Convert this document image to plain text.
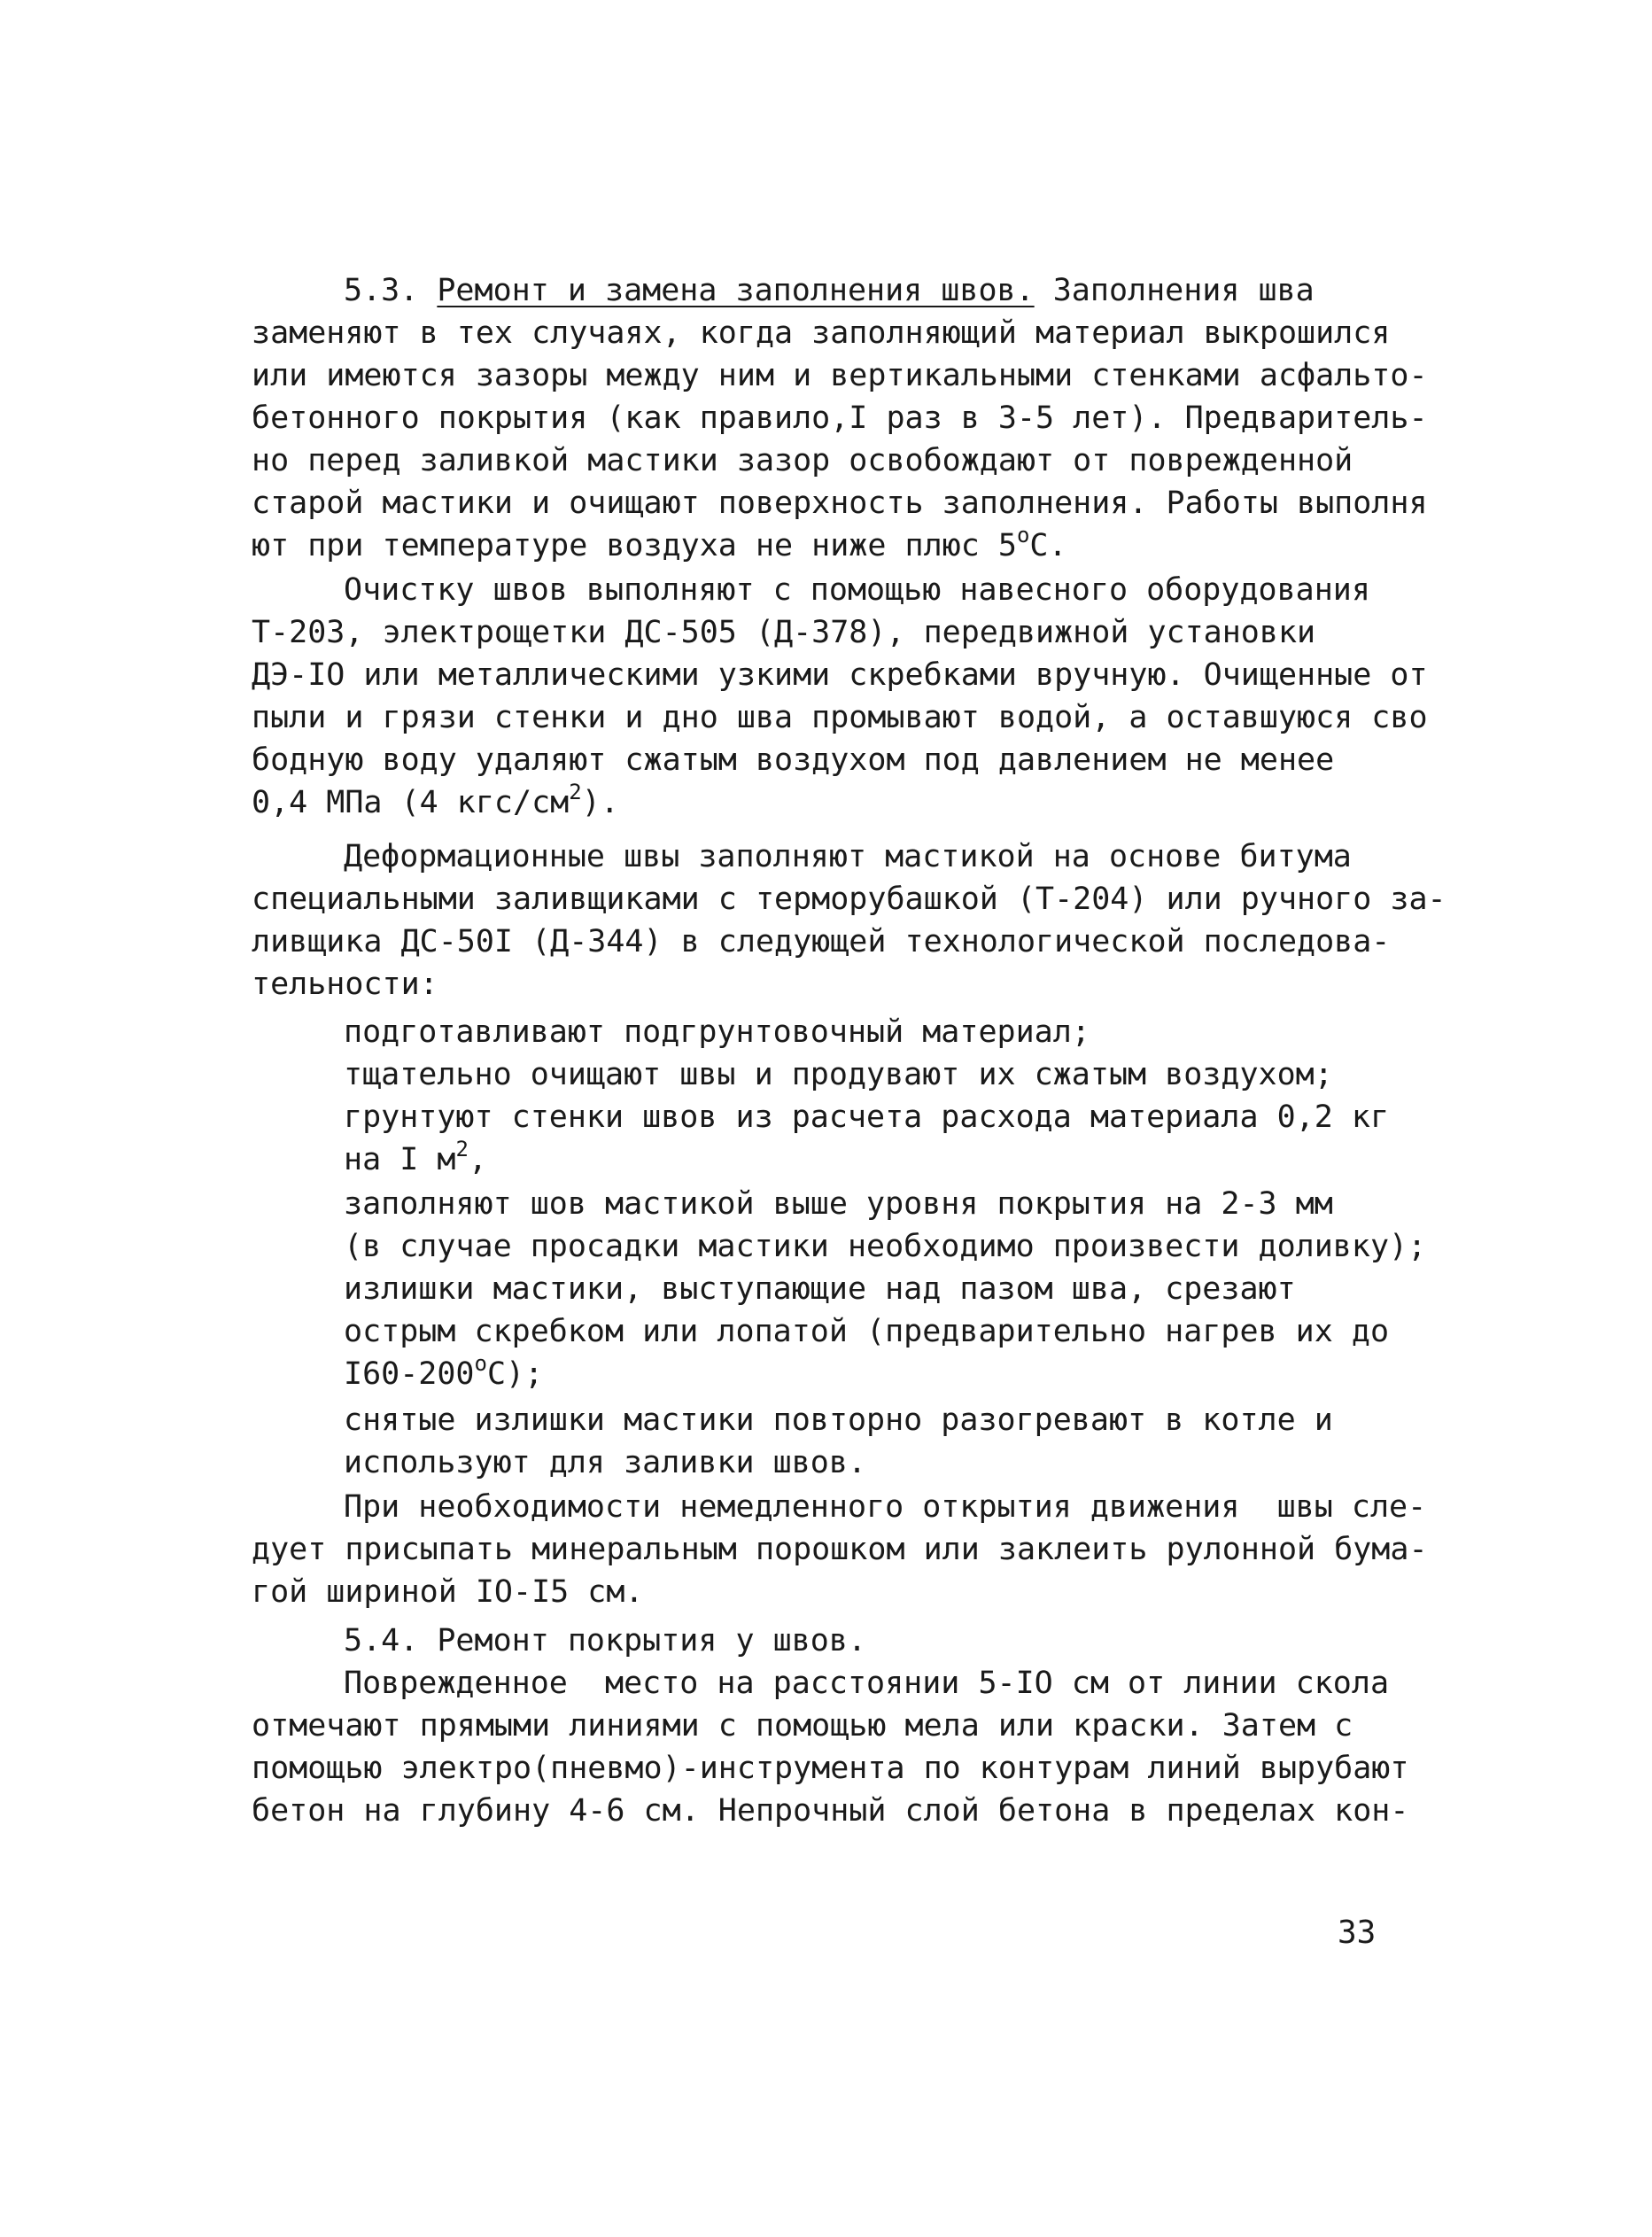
5.3. Ремонт и замена заполнения швов. Заполнения шва
заменяют в тех случаях, когда заполняющий материал выкрошился
или имеются зазоры между ним и вертикальными стенками асфальто-
бетонного покрытия (как правило,I раз в 3-5 лет). Предваритель-
но перед заливкой мастики зазор освобождают от поврежденной
старой мастики и очищают поверхность заполнения. Работы выполня
ют при температуре воздуха не ниже плюс $5^оС$.
Очистку швов выполняют с помощью навесного оборудования
Т-203, электрощетки ДС-505 (Д-378), передвижной установки
ДЭ-IO или металлическими узкими скребками вручную. Очищенные от
пыли и грязи стенки и дно шва промывают водой, а оставшуюся сво
бодную воду удаляют сжатым воздухом под давлением не менее
0,4 МПа (4 кгс/$см^2$).
Деформационные швы заполняют мастикой на основе битума
специальными заливщиками с терморубашкой (Т-204) или ручного за-
ливщика ДС-50I (Д-344) в следующей технологической последова-
тельности:
подготавливают подгрунтовочный материал;
тщательно очищают швы и продувают их сжатым воздухом;
грунтуют стенки швов из расчета расхода материала 0,2 кг
на I $м^2$,
заполняют шов мастикой выше уровня покрытия на 2-3 мм
(в случае просадки мастики необходимо произвести доливку);
излишки мастики, выступающие над пазом шва, срезают
острым скребком или лопатой (предварительно нагрев их до
$I60-200^оС$);
снятые излишки мастики повторно разогревают в котле и
используют для заливки швов.
При необходимости немедленного открытия движения  швы сле-
дует присыпать минеральным порошком или заклеить рулонной бума-
гой шириной IO-I5 см.
5.4. Ремонт покрытия у швов.
Поврежденное  место на расстоянии 5-IO см от линии скола
отмечают прямыми линиями с помощью мела или краски. Затем с
помощью электро(пневмо)-инструмента по контурам линий вырубают
бетон на глубину 4-6 см. Непрочный слой бетона в пределах кон-
33
